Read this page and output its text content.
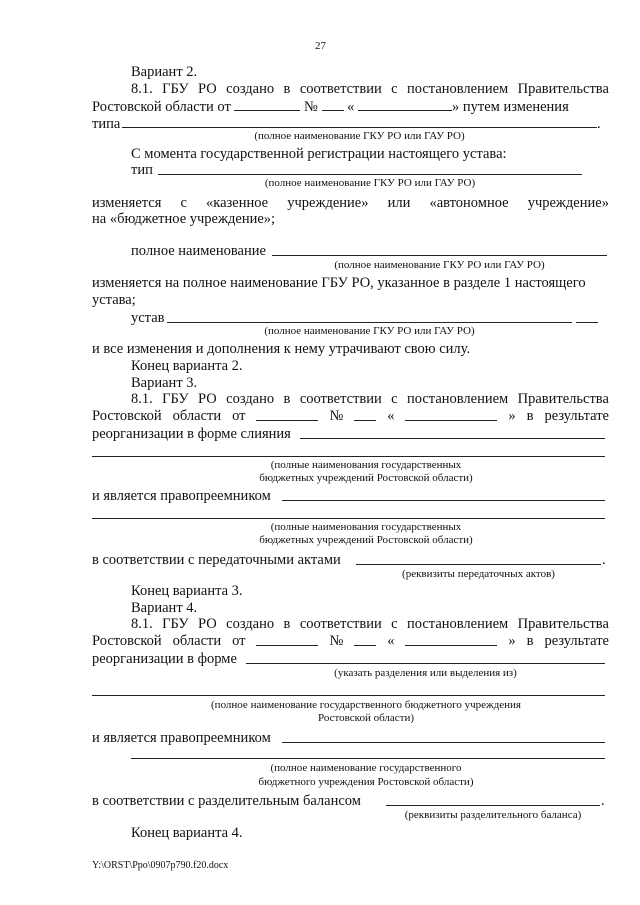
27
Вариант 2.
8.1. ГБУ РО создано в соответствии с постановлением Правительства
Ростовской области от	№ «	» путем изменения
типа	.
(полное наименование ГКУ РО или ГАУ РО)
С момента государственной регистрации настоящего устава:
тип
(полное наименование ГКУ РО или ГАУ РО)
изменяется с «казенное учреждение» или «автономное учреждение»
на «бюджетное учреждение»;
полное наименование
(полное наименование ГКУ РО или ГАУ РО)
изменяется на полное наименование ГБУ РО, указанное в разделе 1 настоящего
устава;
устав
(полное наименование ГКУ РО или ГАУ РО)
и все изменения и дополнения к нему утрачивают свою силу.
Конец варианта 2.
Вариант 3.
8.1. ГБУ РО создано в соответствии с постановлением Правительства
Ростовской области от	№	«	» в результате
реорганизации в форме слияния
(полные наименования государственных
бюджетных учреждений Ростовской области)
и является правопреемником
(полные наименования государственных
бюджетных учреждений Ростовской области)
в соответствии с передаточными актами	.
(реквизиты передаточных актов)
Конец варианта 3.
Вариант 4.
8.1. ГБУ РО создано в соответствии с постановлением Правительства
Ростовской области от	№	«	» в результате
реорганизации в форме
(указать разделения или выделения из)
(полное наименование государственного бюджетного учреждения
Ростовской области)
и является правопреемником
(полное наименование государственного
бюджетного учреждения Ростовской области)
в соответствии с разделительным балансом	.
(реквизиты разделительного баланса)
Конец варианта 4.
Y:\ORST\Ppo\0907p790.f20.docx
